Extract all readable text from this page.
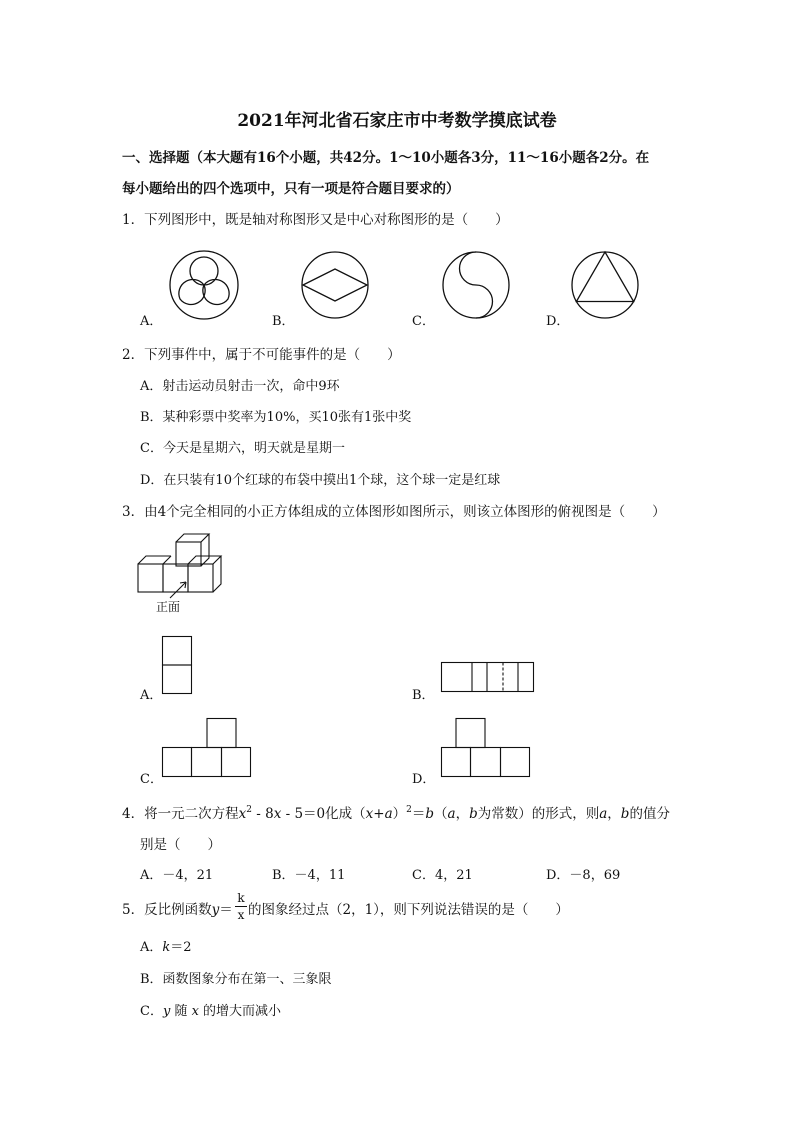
2021年河北省石家庄市中考数学摸底试卷
一、选择题（本大题有16个小题，共42分。1～10小题各3分，11～16小题各2分。在
每小题给出的四个选项中，只有一项是符合题目要求的）
1．下列图形中，既是轴对称图形又是中心对称图形的是（　　）
A．	B．	C．	D．
2．下列事件中，属于不可能事件的是（　　）
A．射击运动员射击一次，命中9环
B．某种彩票中奖率为10%，买10张有1张中奖
C．今天是星期六，明天就是星期一
D．在只装有10个红球的布袋中摸出1个球，这个球一定是红球
3．由4个完全相同的小正方体组成的立体图形如图所示，则该立体图形的俯视图是（　　）
正面
A．	B．
C．	D．
4．将一元二次方程$x^2 - 8x - 5=0$化成$(x+a)^2=b(a$，b为常数）的形式，则a，b的值分
别是（　　）
A．－4，21	B．－4，11	C．4，21	D．－8，69
5．反比例函数y＝
k
x 的图象经过点（2，1），则下列说法错误的是（　　）
A．k＝2
B．函数图象分布在第一、三象限
C．y 随 x 的增大而减小
